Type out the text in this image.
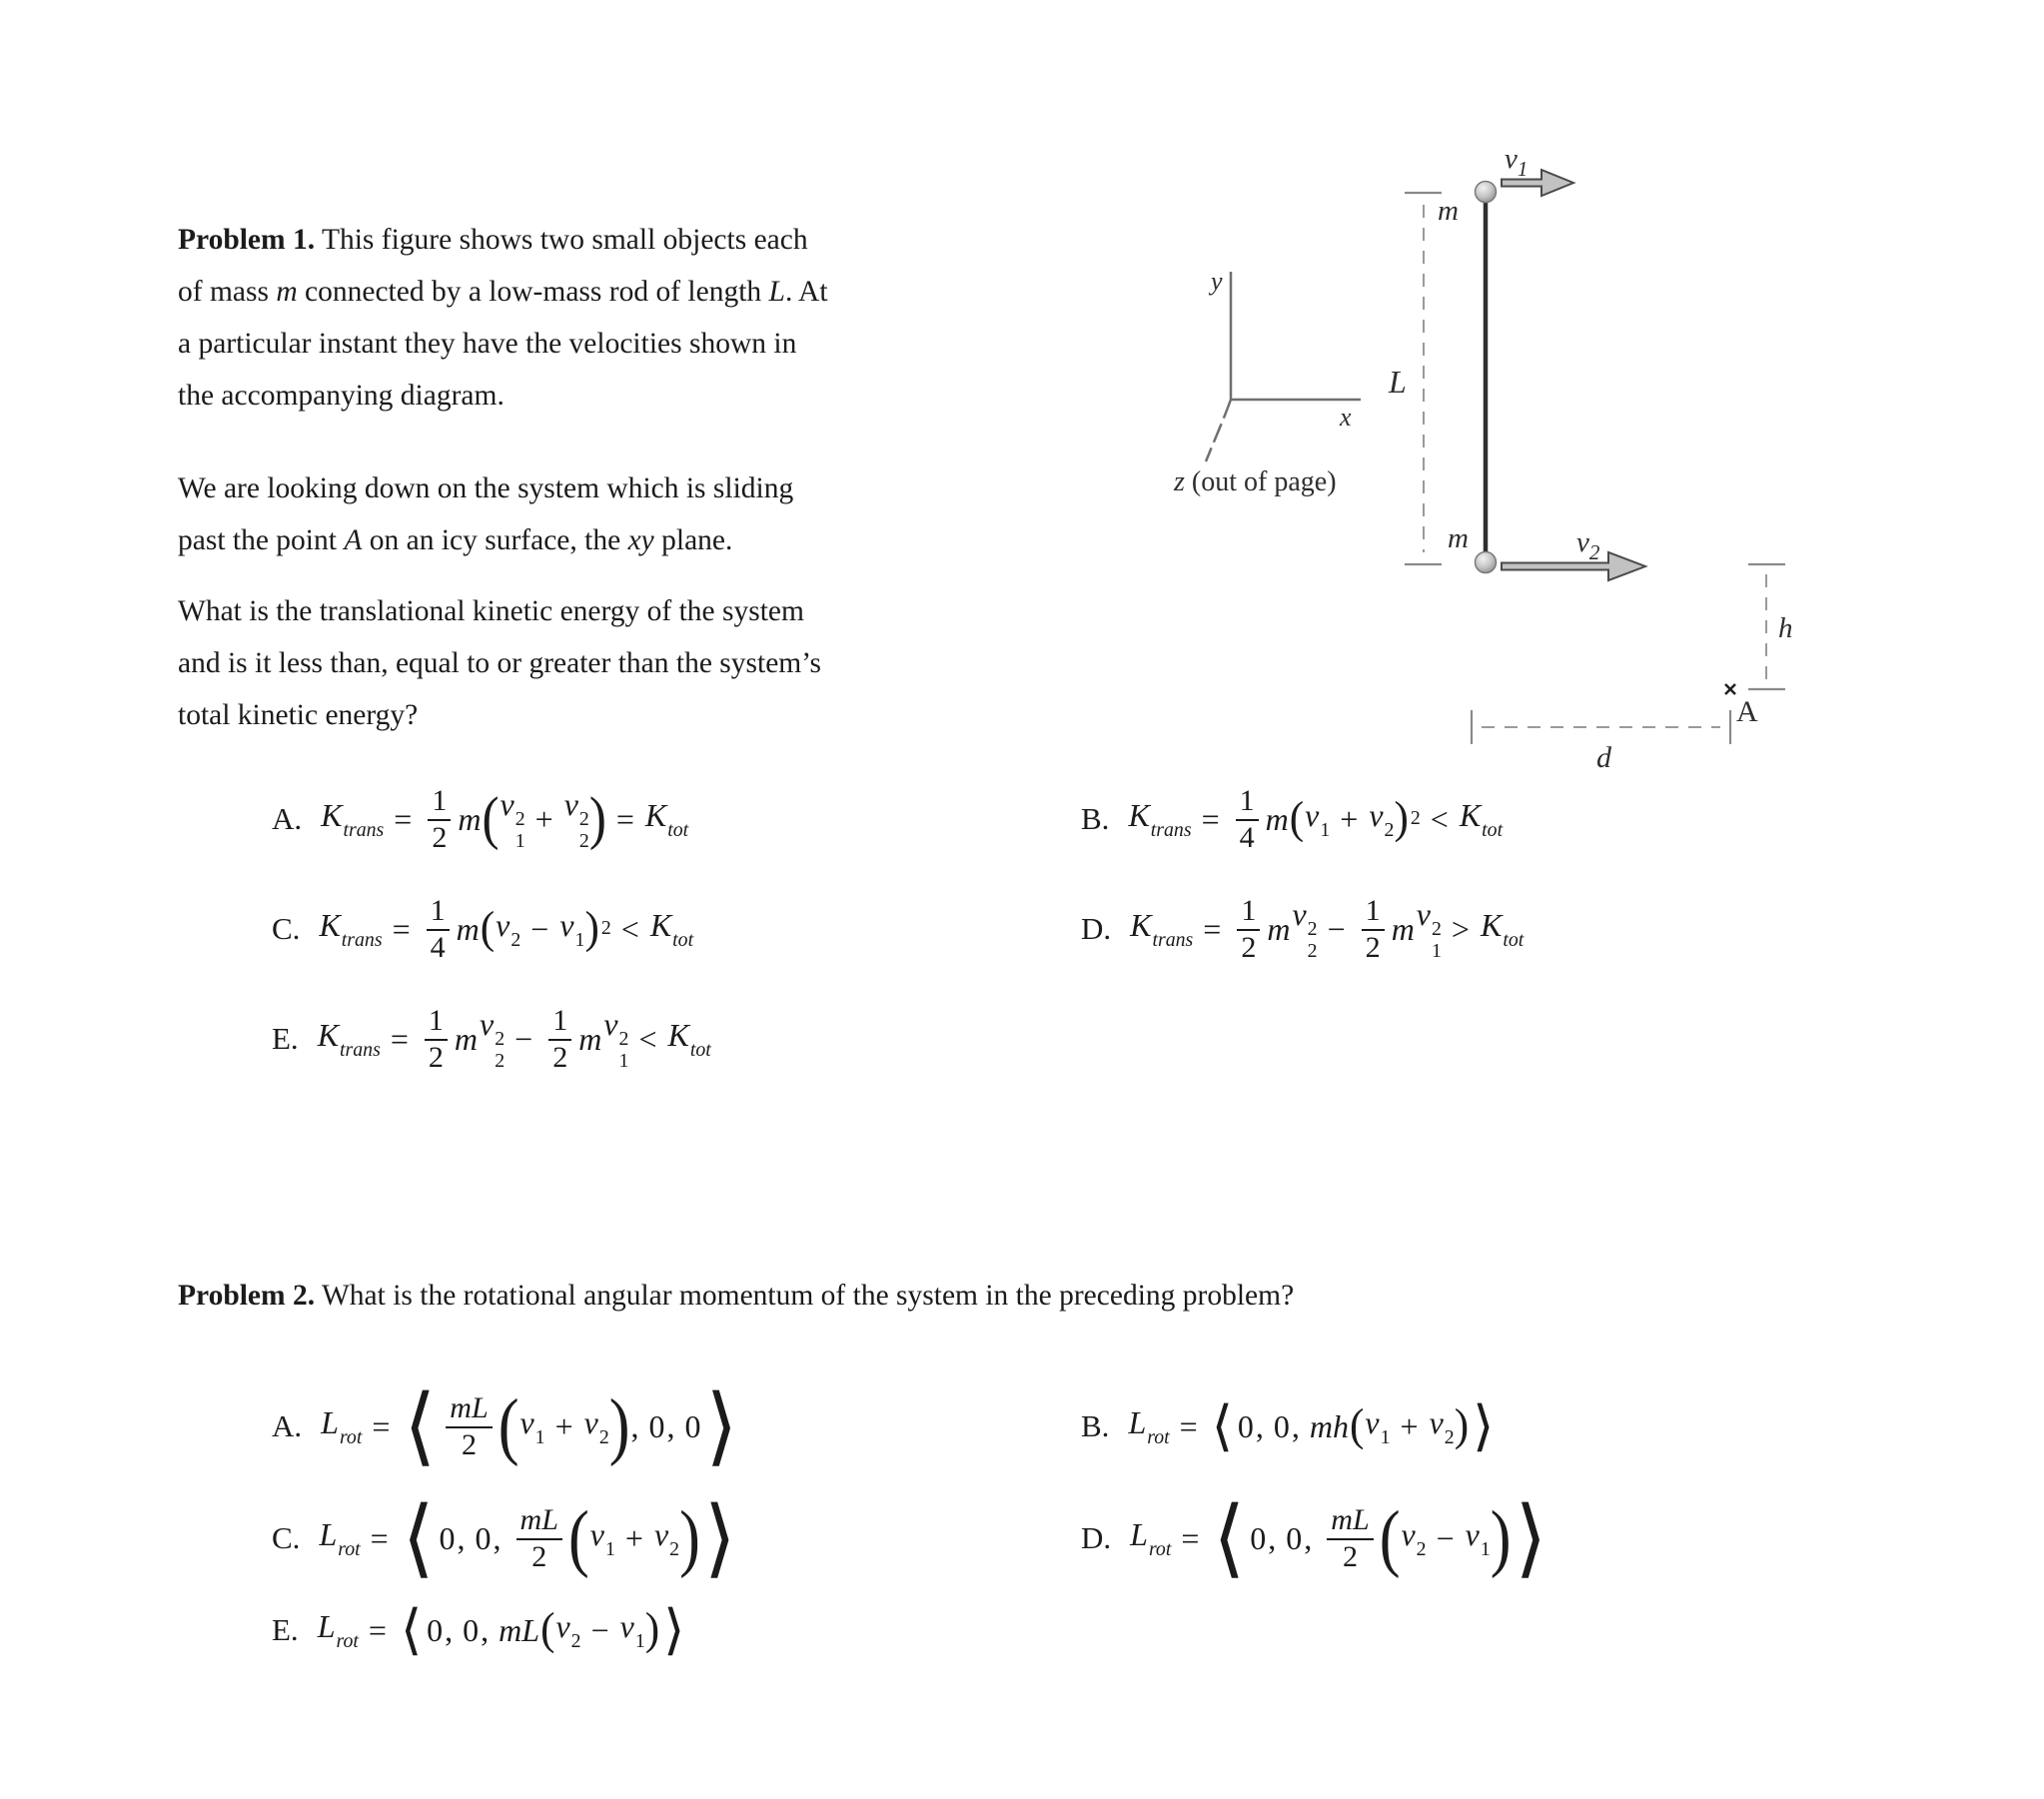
Problem 1. This figure shows two small objects each
of mass m connected by a low-mass rod of length L. At
a particular instant they have the velocities shown in
the accompanying diagram.
We are looking down on the system which is sliding
past the point A on an icy surface, the xy plane.
What is the translational kinetic energy of the system
and is it less than, equal to or greater than the system’s
total kinetic energy?
A. $K_{trans} = \frac{1}{2}$ m ( v 2
1
+ v 2
2 ) = $K_{tot}$	B. $K_{trans} = \frac{1}{4}$ m ( $v_1 + v_2$ ) $2 < K_{tot}$
C. $K_{trans} = \frac{1}{4}$ m ( $v_2 - v_1$ ) $2 < K_{tot}$	D. $K_{trans} = \frac{1}{2}$ m v 2
2
− $\frac{1}{2}$ m v 2
1
> $K_{tot}$
E. $K_{trans} = \frac{1}{2}$ m v 2
2
− $\frac{1}{2}$ m v 2
1
< $K_{tot}$
Problem 2. What is the rotational angular momentum of the system in the preceding problem?
A. $L_{rot}$ = ⟨ $\frac{mL}{2}$ ( $v_1 + v_2$ ) , 0 , 0 ⟩	B. $L_{rot}$ = ⟨ 0 , 0 , mh ( $v_1 + v_2$ ) ⟩
C. $L_{rot}$ = ⟨ 0 , 0 , $\frac{mL}{2}$ ( $v_1 + v_2$ ) ⟩	D. $L_{rot}$ = ⟨ 0 , 0 , $\frac{mL}{2}$ ( $v_2 - v_1$ ) ⟩
E. $L_{rot}$ = ⟨ 0 , 0 , mL ( $v_2 - v_1$ ) ⟩
y
x
z (out of page)
L
m
m
$v_1$
$v_2$
h
A
d
